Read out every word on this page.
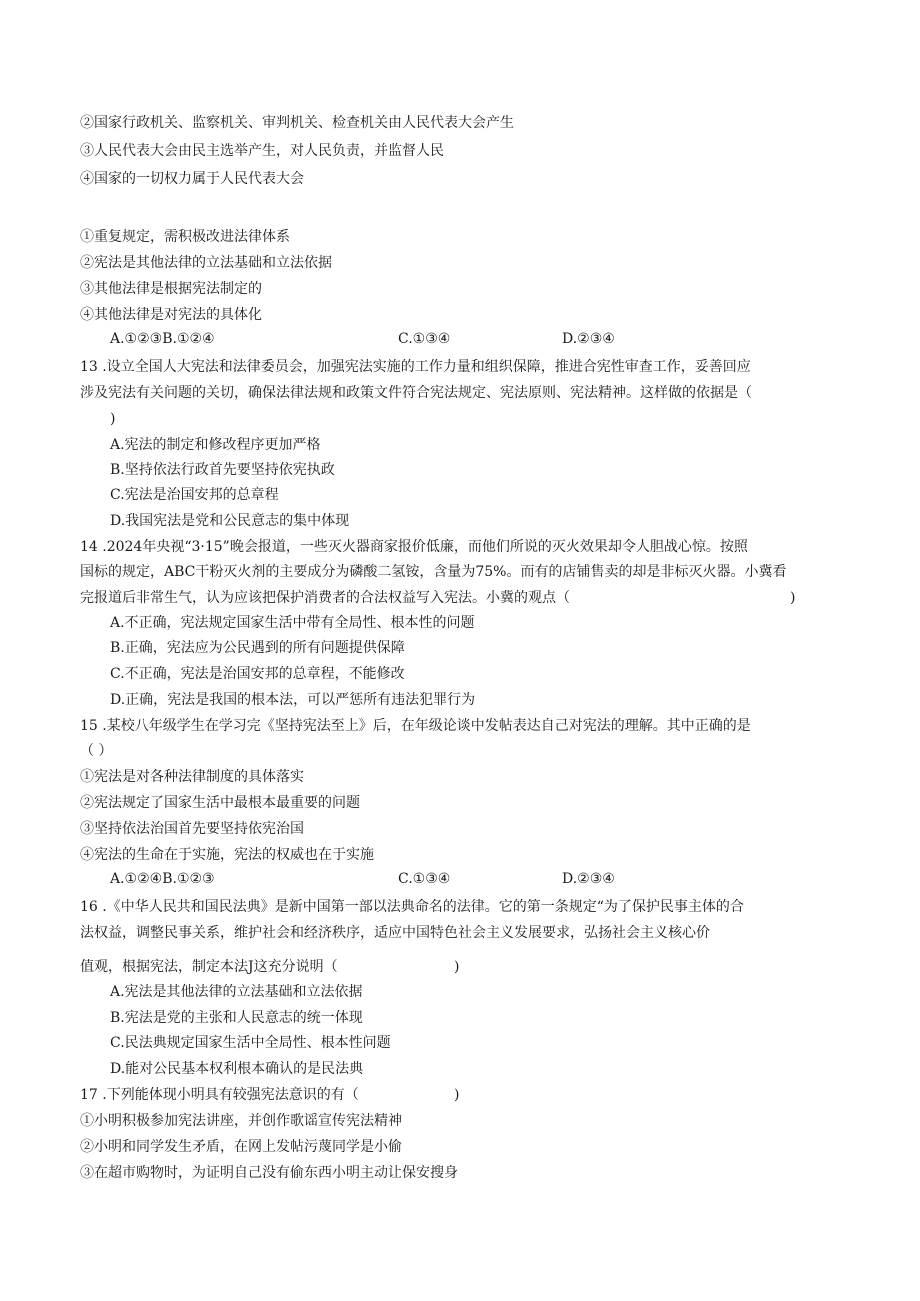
②国家行政机关、监察机关、审判机关、检查机关由人民代表大会产生
③人民代表大会由民主选举产生，对人民负责，并监督人民
④国家的一切权力属于人民代表大会
①重复规定，需积极改进法律体系
②宪法是其他法律的立法基础和立法依据
③其他法律是根据宪法制定的
④其他法律是对宪法的具体化
A.①②③B.①②④	C.①③④	D.②③④
13 .设立全国人大宪法和法律委员会，加强宪法实施的工作力量和组织保障，推进合宪性审查工作，妥善回应
涉及宪法有关问题的关切，确保法律法规和政策文件符合宪法规定、宪法原则、宪法精神。这样做的依据是（
)
A.宪法的制定和修改程序更加严格
B.坚持依法行政首先要坚持依宪执政
C.宪法是治国安邦的总章程
D.我国宪法是党和公民意志的集中体现
14 .2024年央视“3·15”晚会报道，一些灭火器商家报价低廉，而他们所说的灭火效果却令人胆战心惊。按照
国标的规定，ABC干粉灭火剂的主要成分为磷酸二氢铵，含量为75%。而有的店铺售卖的却是非标灭火器。小冀看
完报道后非常生气，认为应该把保护消费者的合法权益写入宪法。小冀的观点（	)
A.不正确，宪法规定国家生活中带有全局性、根本性的问题
B.正确，宪法应为公民遇到的所有问题提供保障
C.不正确，宪法是治国安邦的总章程，不能修改
D.正确，宪法是我国的根本法，可以严惩所有违法犯罪行为
15 .某校八年级学生在学习完《坚持宪法至上》后，在年级论谈中发帖表达自己对宪法的理解。其中正确的是
（ ）
①宪法是对各种法律制度的具体落实
②宪法规定了国家生活中最根本最重要的问题
③坚持依法治国首先要坚持依宪治国
④宪法的生命在于实施，宪法的权威也在于实施
A.①②④B.①②③	C.①③④	D.②③④
16 .《中华人民共和国民法典》是新中国第一部以法典命名的法律。它的第一条规定“为了保护民事主体的合
法权益，调整民事关系，维护社会和经济秩序，适应中国特色社会主义发展要求，弘扬社会主义核心价
值观，根据宪法，制定本法J这充分说明（	)
A.宪法是其他法律的立法基础和立法依据
B.宪法是党的主张和人民意志的统一体现
C.民法典规定国家生活中全局性、根本性问题
D.能对公民基本权利根本确认的是民法典
17 .下列能体现小明具有较强宪法意识的有（	)
①小明积极参加宪法讲座，并创作歌谣宣传宪法精神
②小明和同学发生矛盾，在网上发帖污蔑同学是小偷
③在超市购物时，为证明自己没有偷东西小明主动让保安搜身
